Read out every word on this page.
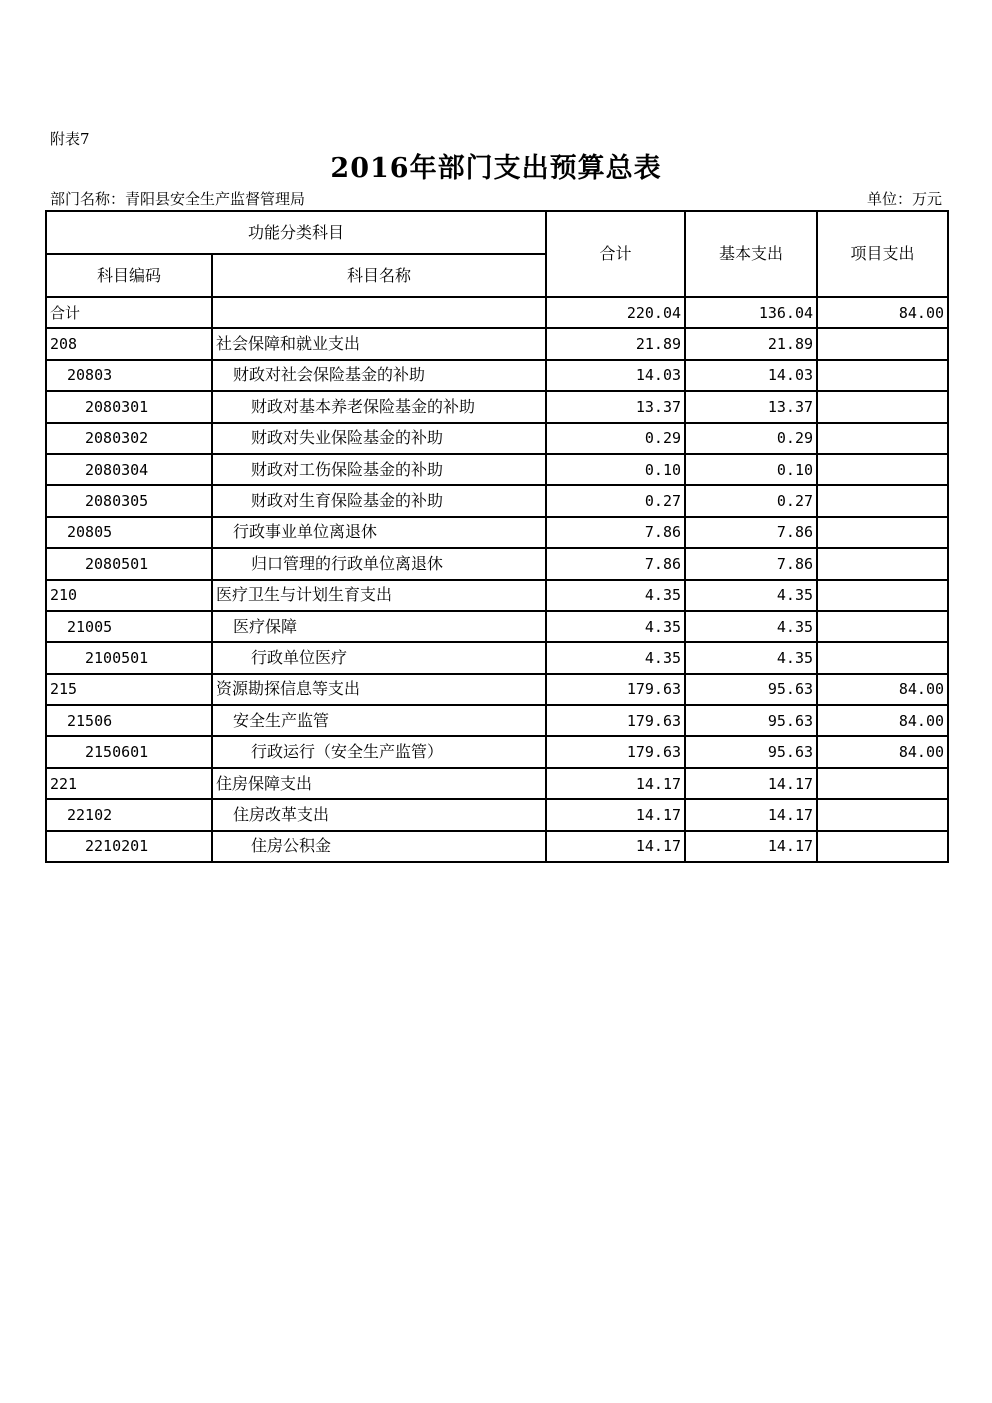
附表7
2016年部门支出预算总表
部门名称：青阳县安全生产监督管理局	单位：万元
功能分类科目		合计	基本支出	项目支出
科目编码	科目名称			
合计		220.04	136.04	84.00
208	社会保障和就业支出	21.89	21.89	
20803	财政对社会保险基金的补助	14.03	14.03	
2080301	财政对基本养老保险基金的补助	13.37	13.37	
2080302	财政对失业保险基金的补助	0.29	0.29	
2080304	财政对工伤保险基金的补助	0.10	0.10	
2080305	财政对生育保险基金的补助	0.27	0.27	
20805	行政事业单位离退休	7.86	7.86	
2080501	归口管理的行政单位离退休	7.86	7.86	
210	医疗卫生与计划生育支出	4.35	4.35	
21005	医疗保障	4.35	4.35	
2100501	行政单位医疗	4.35	4.35	
215	资源勘探信息等支出	179.63	95.63	84.00
21506	安全生产监管	179.63	95.63	84.00
2150601	行政运行（安全生产监管）	179.63	95.63	84.00
221	住房保障支出	14.17	14.17	
22102	住房改革支出	14.17	14.17	
2210201	住房公积金	14.17	14.17	
